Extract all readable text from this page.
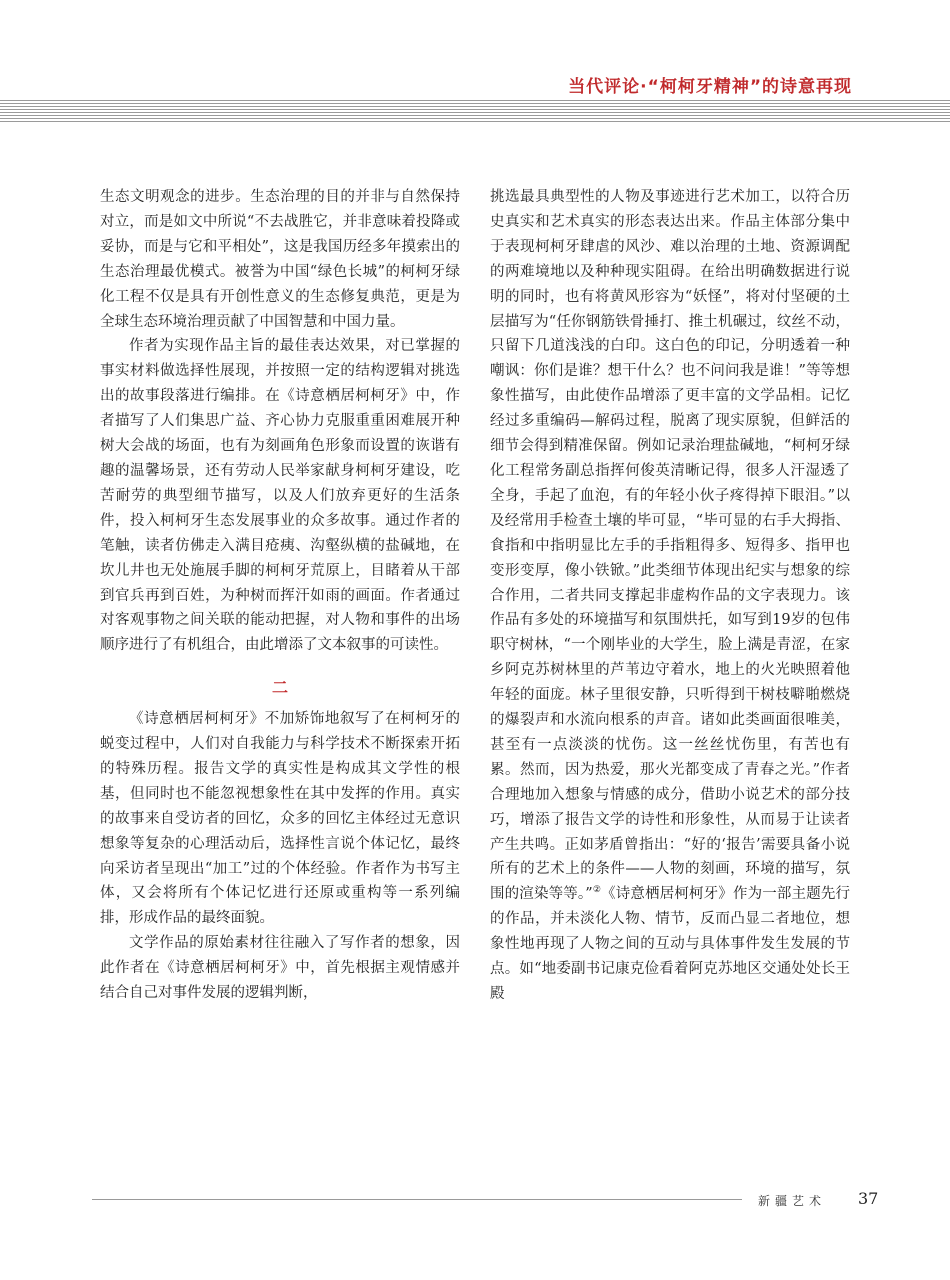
当代评论·“柯柯牙精神”的诗意再现

生态文明观念的进步。生态治理的目的并非与自然保持对立，而是如文中所说“不去战胜它，并非意味着投降或妥协，而是与它和平相处”，这是我国历经多年摸索出的生态治理最优模式。被誉为中国“绿色长城”的柯柯牙绿化工程不仅是具有开创性意义的生态修复典范，更是为全球生态环境治理贡献了中国智慧和中国力量。

作者为实现作品主旨的最佳表达效果，对已掌握的事实材料做选择性展现，并按照一定的结构逻辑对挑选出的故事段落进行编排。在《诗意栖居柯柯牙》中，作者描写了人们集思广益、齐心协力克服重重困难展开种树大会战的场面，也有为刻画角色形象而设置的诙谐有趣的温馨场景，还有劳动人民举家献身柯柯牙建设，吃苦耐劳的典型细节描写，以及人们放弃更好的生活条件，投入柯柯牙生态发展事业的众多故事。通过作者的笔触，读者仿佛走入满目疮痍、沟壑纵横的盐碱地，在坎儿井也无处施展手脚的柯柯牙荒原上，目睹着从干部到官兵再到百姓，为种树而挥汗如雨的画面。作者通过对客观事物之间关联的能动把握，对人物和事件的出场顺序进行了有机组合，由此增添了文本叙事的可读性。

二

《诗意栖居柯柯牙》不加矫饰地叙写了在柯柯牙的蜕变过程中，人们对自我能力与科学技术不断探索开拓的特殊历程。报告文学的真实性是构成其文学性的根基，但同时也不能忽视想象性在其中发挥的作用。真实的故事来自受访者的回忆，众多的回忆主体经过无意识想象等复杂的心理活动后，选择性言说个体记忆，最终向采访者呈现出“加工”过的个体经验。作者作为书写主体，又会将所有个体记忆进行还原或重构等一系列编排，形成作品的最终面貌。

文学作品的原始素材往往融入了写作者的想象，因此作者在《诗意栖居柯柯牙》中，首先根据主观情感并结合自己对事件发展的逻辑判断，

挑选最具典型性的人物及事迹进行艺术加工，以符合历史真实和艺术真实的形态表达出来。作品主体部分集中于表现柯柯牙肆虐的风沙、难以治理的土地、资源调配的两难境地以及种种现实阻碍。在给出明确数据进行说明的同时，也有将黄风形容为“妖怪”，将对付坚硬的土层描写为“任你钢筋铁骨捶打、推土机碾过，纹丝不动，只留下几道浅浅的白印。这白色的印记，分明透着一种嘲讽：你们是谁？想干什么？也不问问我是谁！”等等想象性描写，由此使作品增添了更丰富的文学品相。记忆经过多重编码—解码过程，脱离了现实原貌，但鲜活的细节会得到精准保留。例如记录治理盐碱地，“柯柯牙绿化工程常务副总指挥何俊英清晰记得，很多人汗湿透了全身，手起了血泡，有的年轻小伙子疼得掉下眼泪。”以及经常用手检查土壤的毕可显，“毕可显的右手大拇指、食指和中指明显比左手的手指粗得多、短得多、指甲也变形变厚，像小铁锨。”此类细节体现出纪实与想象的综合作用，二者共同支撑起非虚构作品的文字表现力。该作品有多处的环境描写和氛围烘托，如写到19岁的包伟职守树林，“一个刚毕业的大学生，脸上满是青涩，在家乡阿克苏树林里的芦苇边守着水，地上的火光映照着他年轻的面庞。林子里很安静，只听得到干树枝噼啪燃烧的爆裂声和水流向根系的声音。诸如此类画面很唯美，甚至有一点淡淡的忧伤。这一丝丝忧伤里，有苦也有累。然而，因为热爱，那火光都变成了青春之光。”作者合理地加入想象与情感的成分，借助小说艺术的部分技巧，增添了报告文学的诗性和形象性，从而易于让读者产生共鸣。正如茅盾曾指出：“好的‘报告’需要具备小说所有的艺术上的条件——人物的刻画，环境的描写，氛围的渲染等等。”②《诗意栖居柯柯牙》作为一部主题先行的作品，并未淡化人物、情节，反而凸显二者地位，想象性地再现了人物之间的互动与具体事件发生发展的节点。如“地委副书记康克俭看着阿克苏地区交通处处长王殿

新疆艺术 37
